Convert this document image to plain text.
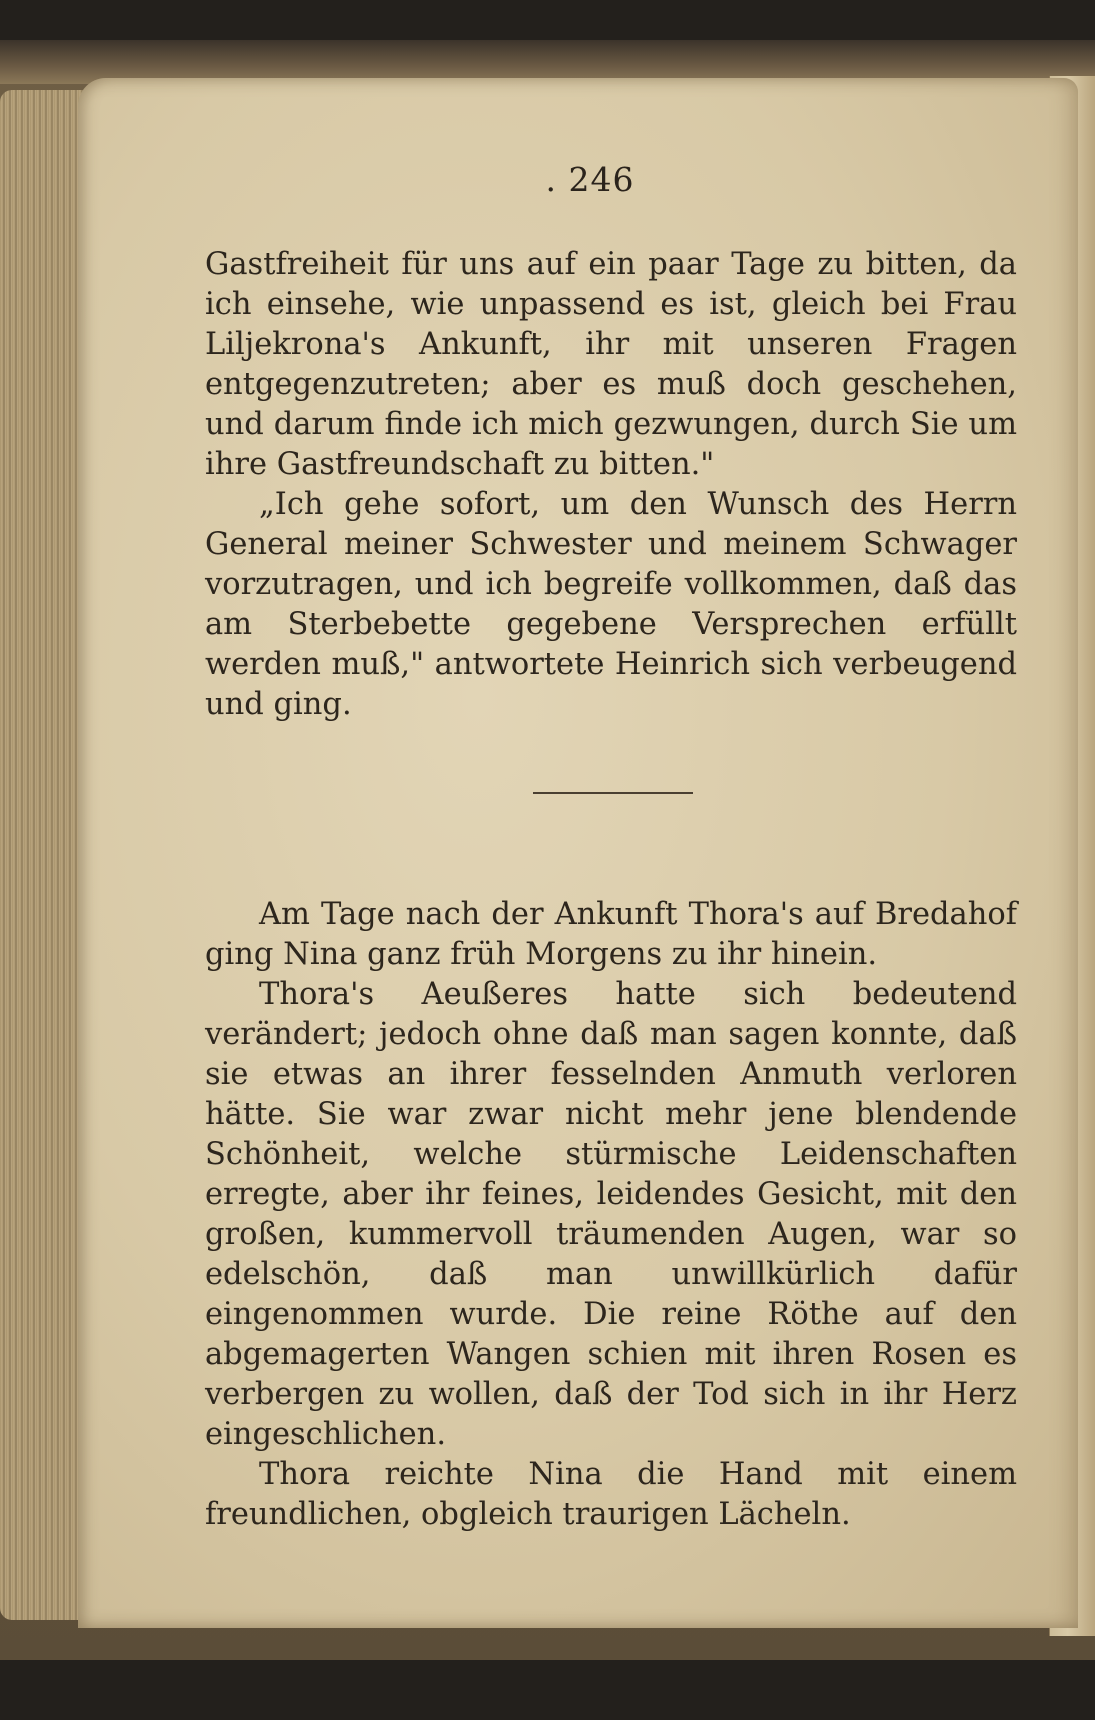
. 246

Gastfreiheit für uns auf ein paar Tage zu bitten, da ich einsehe, wie unpassend es ist, gleich bei Frau Liljekrona's Ankunft, ihr mit unseren Fragen entgegenzutreten; aber es muß doch geschehen, und darum finde ich mich gezwungen, durch Sie um ihre Gastfreundschaft zu bitten."

„Ich gehe sofort, um den Wunsch des Herrn General meiner Schwester und meinem Schwager vorzutragen, und ich begreife vollkommen, daß das am Sterbebette gegebene Versprechen erfüllt werden muß," antwortete Heinrich sich verbeugend und ging.

Am Tage nach der Ankunft Thora's auf Bredahof ging Nina ganz früh Morgens zu ihr hinein.

Thora's Aeußeres hatte sich bedeutend verändert; jedoch ohne daß man sagen konnte, daß sie etwas an ihrer fesselnden Anmuth verloren hätte. Sie war zwar nicht mehr jene blendende Schönheit, welche stürmische Leidenschaften erregte, aber ihr feines, leidendes Gesicht, mit den großen, kummervoll träumenden Augen, war so edelschön, daß man unwillkürlich dafür eingenommen wurde. Die reine Röthe auf den abgemagerten Wangen schien mit ihren Rosen es verbergen zu wollen, daß der Tod sich in ihr Herz eingeschlichen.

Thora reichte Nina die Hand mit einem freundlichen, obgleich traurigen Lächeln.
